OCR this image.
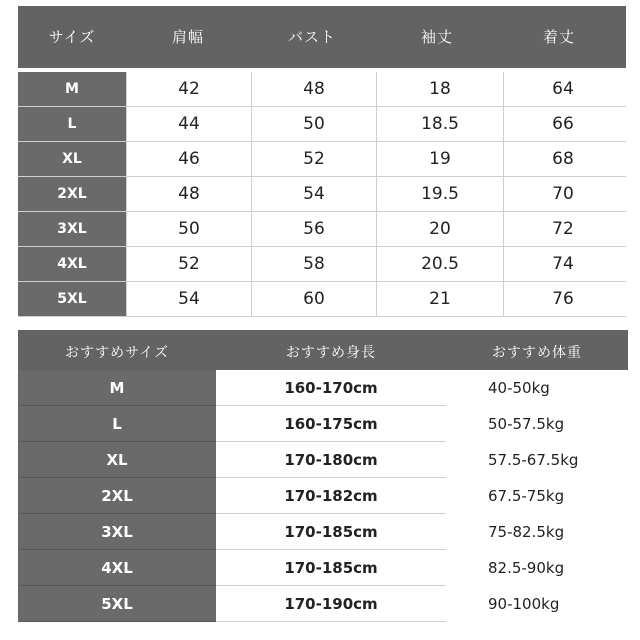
サイズ	肩幅	バスト	袖丈	着丈
M	42	48	18	64
L	44	50	18.5	66
XL	46	52	19	68
2XL	48	54	19.5	70
3XL	50	56	20	72
4XL	52	58	20.5	74
5XL	54	60	21	76
おすすめサイズ	おすすめ身長	おすすめ体重
M	160-170cm	40-50kg
L	160-175cm	50-57.5kg
XL	170-180cm	57.5-67.5kg
2XL	170-182cm	67.5-75kg
3XL	170-185cm	75-82.5kg
4XL	170-185cm	82.5-90kg
5XL	170-190cm	90-100kg
